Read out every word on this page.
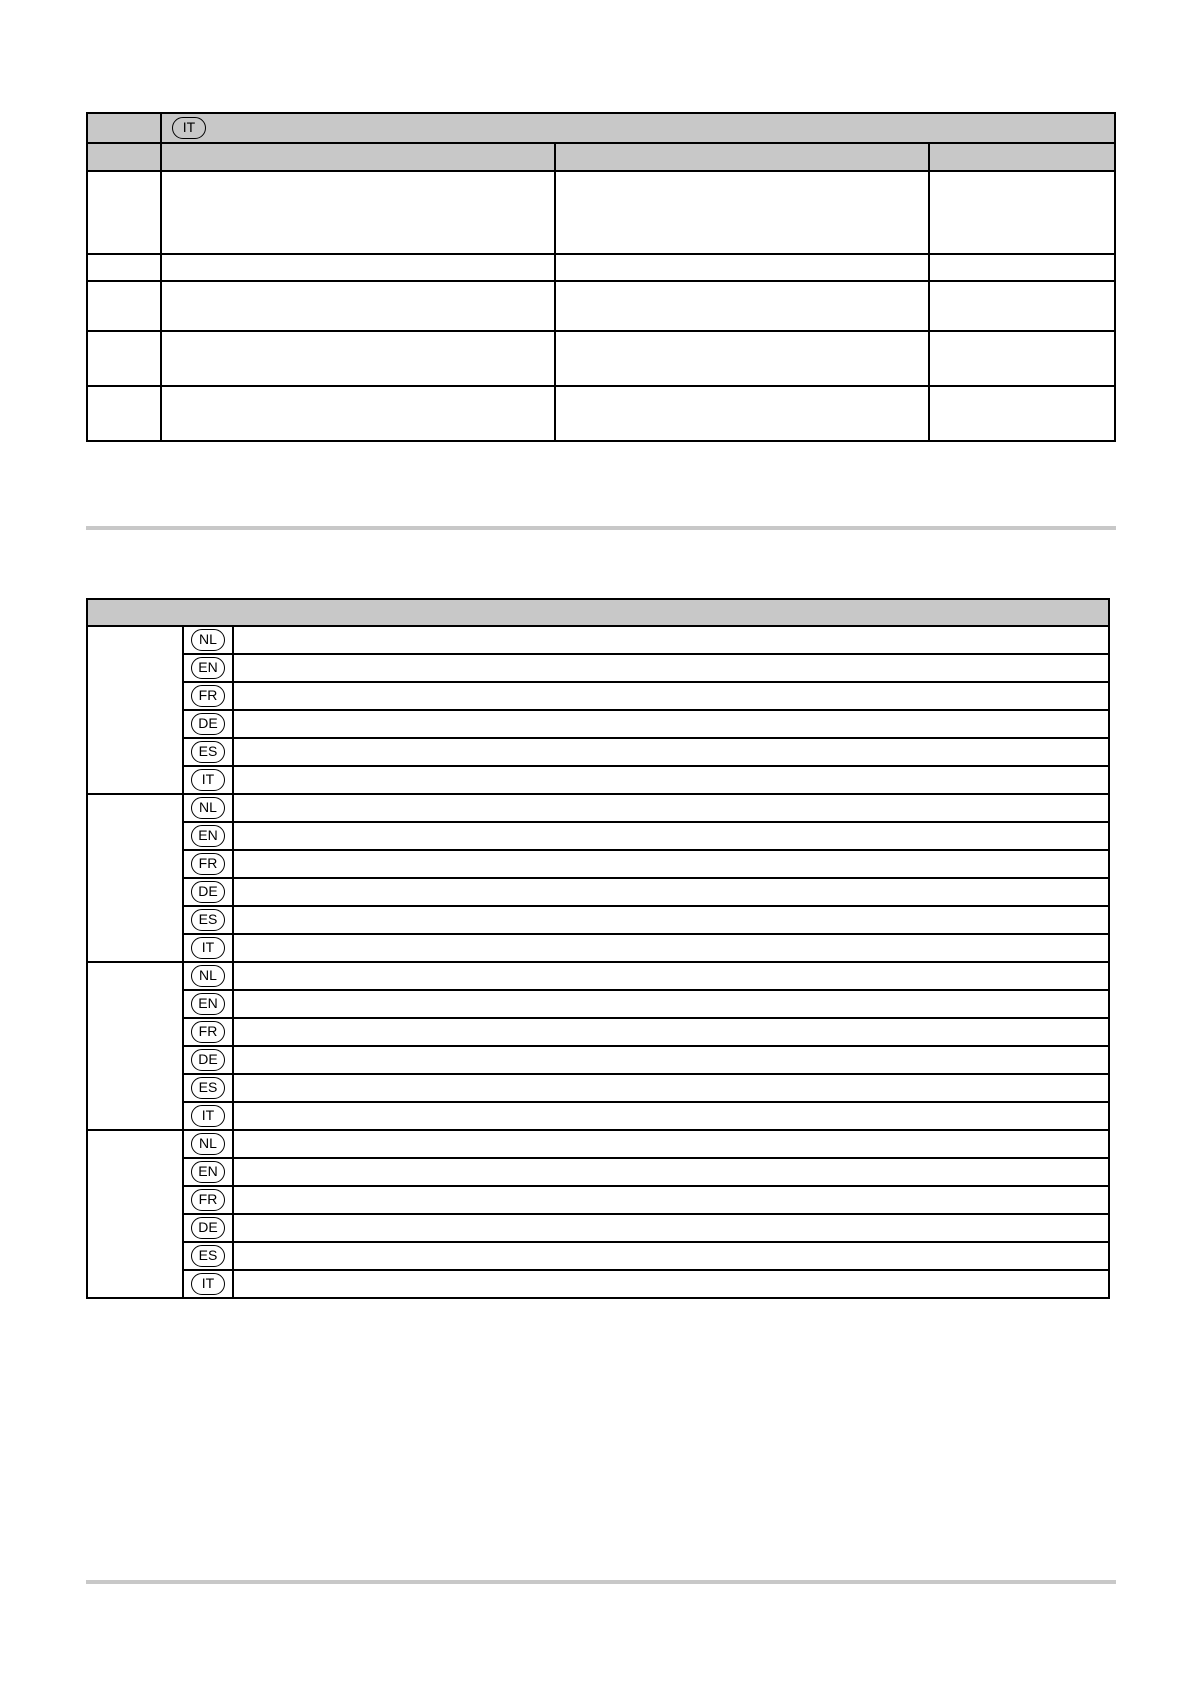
	IT		

	NL	
	EN	
	FR	
	DE	
	ES	
	IT	
	NL	
	EN	
	FR	
	DE	
	ES	
	IT	
	NL	
	EN	
	FR	
	DE	
	ES	
	IT	
	NL	
	EN	
	FR	
	DE	
	ES	
	IT	
